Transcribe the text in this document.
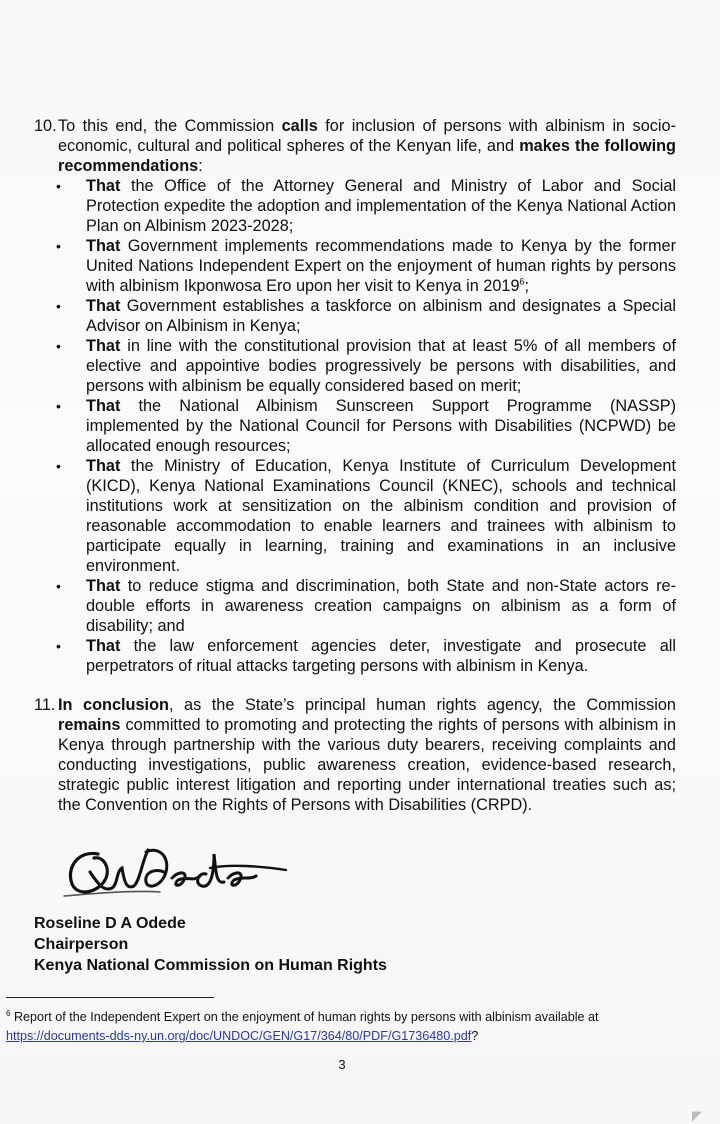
10. To this end, the Commission calls for inclusion of persons with albinism in socio-economic, cultural and political spheres of the Kenyan life, and makes the following recommendations:

• That the Office of the Attorney General and Ministry of Labor and Social Protection expedite the adoption and implementation of the Kenya National Action Plan on Albinism 2023-2028;
• That Government implements recommendations made to Kenya by the former United Nations Independent Expert on the enjoyment of human rights by persons with albinism Ikponwosa Ero upon her visit to Kenya in 2019$^6$;
• That Government establishes a taskforce on albinism and designates a Special Advisor on Albinism in Kenya;
• That in line with the constitutional provision that at least 5% of all members of elective and appointive bodies progressively be persons with disabilities, and persons with albinism be equally considered based on merit;
• That the National Albinism Sunscreen Support Programme (NASSP) implemented by the National Council for Persons with Disabilities (NCPWD) be allocated enough resources;
• That the Ministry of Education, Kenya Institute of Curriculum Development (KICD), Kenya National Examinations Council (KNEC), schools and technical institutions work at sensitization on the albinism condition and provision of reasonable accommodation to enable learners and trainees with albinism to participate equally in learning, training and examinations in an inclusive environment.
• That to reduce stigma and discrimination, both State and non-State actors re-double efforts in awareness creation campaigns on albinism as a form of disability; and
• That the law enforcement agencies deter, investigate and prosecute all perpetrators of ritual attacks targeting persons with albinism in Kenya.
11. In conclusion, as the State’s principal human rights agency, the Commission remains committed to promoting and protecting the rights of persons with albinism in Kenya through partnership with the various duty bearers, receiving complaints and conducting investigations, public awareness creation, evidence-based research, strategic public interest litigation and reporting under international treaties such as; the Convention on the Rights of Persons with Disabilities (CRPD).

Roseline D A Odede
Chairperson
Kenya National Commission on Human Rights
$^6$ Report of the Independent Expert on the enjoyment of human rights by persons with albinism available at
https://documents-dds-ny.un.org/doc/UNDOC/GEN/G17/364/80/PDF/G1736480.pdf?
3
◤
